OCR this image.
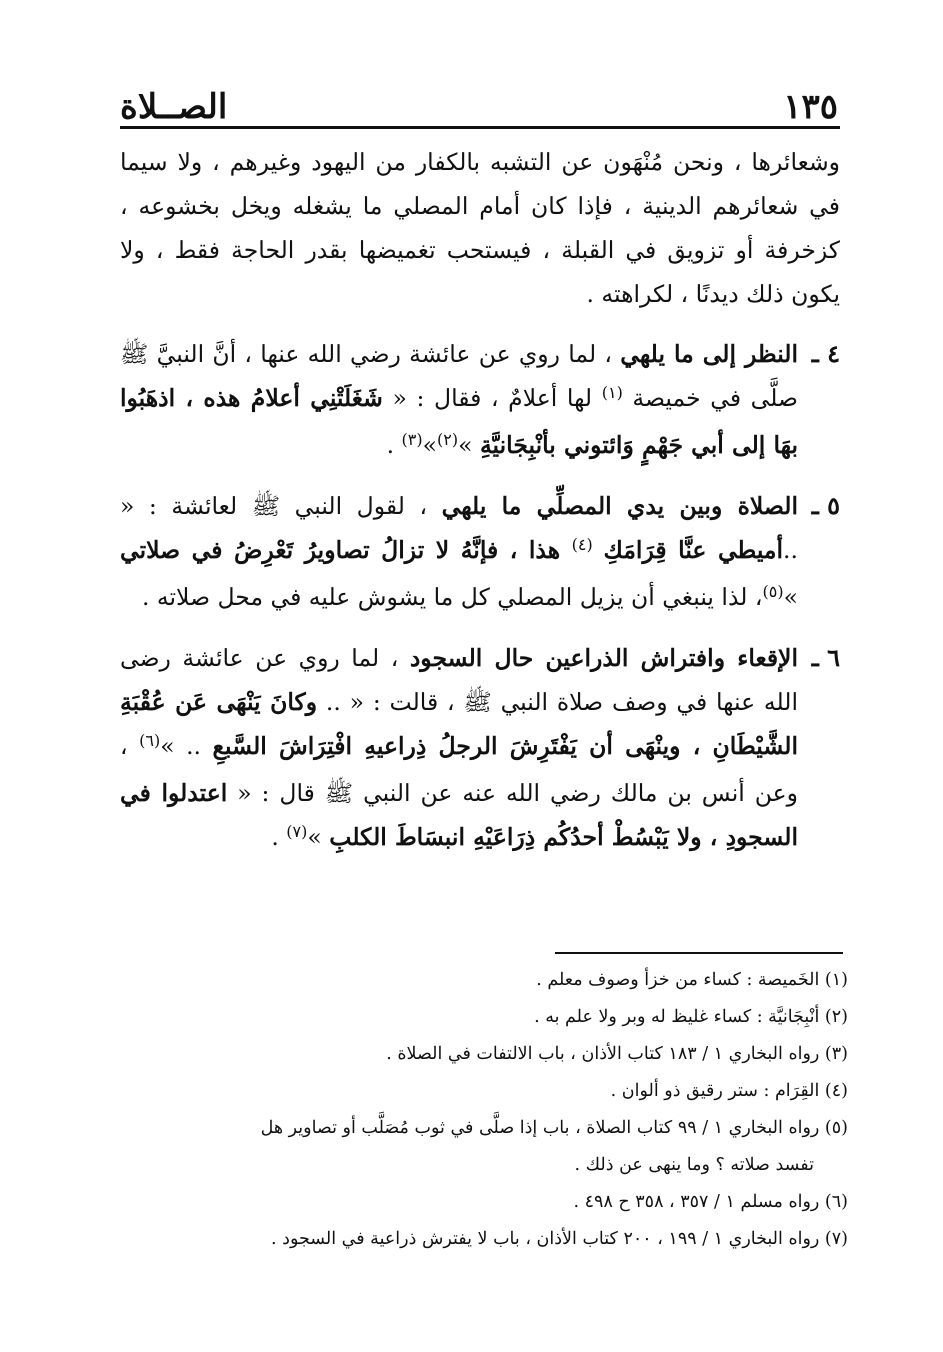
١٣٥
الصــلاة

وشعائرها ، ونحن مُنْهَون عن التشبه بالكفار من اليهود وغيرهم ، ولا سيما في شعائرهم الدينية ، فإذا كان أمام المصلي ما يشغله ويخل بخشوعه ، كزخرفة أو تزويق في القبلة ، فيستحب تغميضها بقدر الحاجة فقط ، ولا يكون ذلك ديدنًا ، لكراهته .

٤ ـ

النظر إلى ما يلهي ، لما روي عن عائشة رضي الله عنها ، أنَّ النبيَّ ﷺ صلَّى في خميصة $^{(١)}$ لها أعلامٌ ، فقال : « شَغَلَتْنِي أعلامُ هذه ، اذهَبُوا بهَا إلى أبي جَهْمٍ وَائتوني بأنْبِجَانيَّةِ »$^{(٢)}$»$^{(٣)}$ .

٥ ـ

الصلاة وبين يدي المصلِّي ما يلهي ، لقول النبي ﷺ لعائشة : « ..أميطي عنَّا قِرَامَكِ $^{(٤)}$ هذا ، فإنَّهُ لا تزالُ تصاويرُ تَعْرِضُ في صلاتي »$^{(٥)}$، لذا ينبغي أن يزيل المصلي كل ما يشوش عليه في محل صلاته .

٦ ـ

الإقعاء وافتراش الذراعين حال السجود ، لما روي عن عائشة رضى الله عنها في وصف صلاة النبي ﷺ ، قالت : « .. وكانَ يَنْهَى عَن عُقْبَةِ الشَّيْطَانِ ، وينْهَى أن يَفْتَرِشَ الرجلُ ذِراعيهِ افْتِرَاشَ السَّبعِ .. »$^{(٦)}$ ، وعن أنس بن مالك رضي الله عنه عن النبي ﷺ قال : « اعتدلوا في السجودِ ، ولا يَبْسُطْ أحدُكُم ذِرَاعَيْهِ انبسَاطَ الكلبِ »$^{(٧)}$ .

(١) الخَميصة : كساء من خزأ وصوف معلم .

(٢) أنْبِجَانيَّة : كساء غليظ له وبر ولا علم به .

(٣) رواه البخاري ١ / ١٨٣ كتاب الأذان ، باب الالتفات في الصلاة .

(٤) القِرَام : ستر رقيق ذو ألوان .

(٥) رواه البخاري ١ / ٩٩ كتاب الصلاة ، باب إذا صلَّى في ثوب مُصَلَّب أو تصاوير هل

تفسد صلاته ؟ وما ينهى عن ذلك .

(٦) رواه مسلم ١ / ٣٥٧ ، ٣٥٨ ح ٤٩٨ .

(٧) رواه البخاري ١ / ١٩٩ ، ٢٠٠ كتاب الأذان ، باب لا يفترش ذراعية في السجود .
